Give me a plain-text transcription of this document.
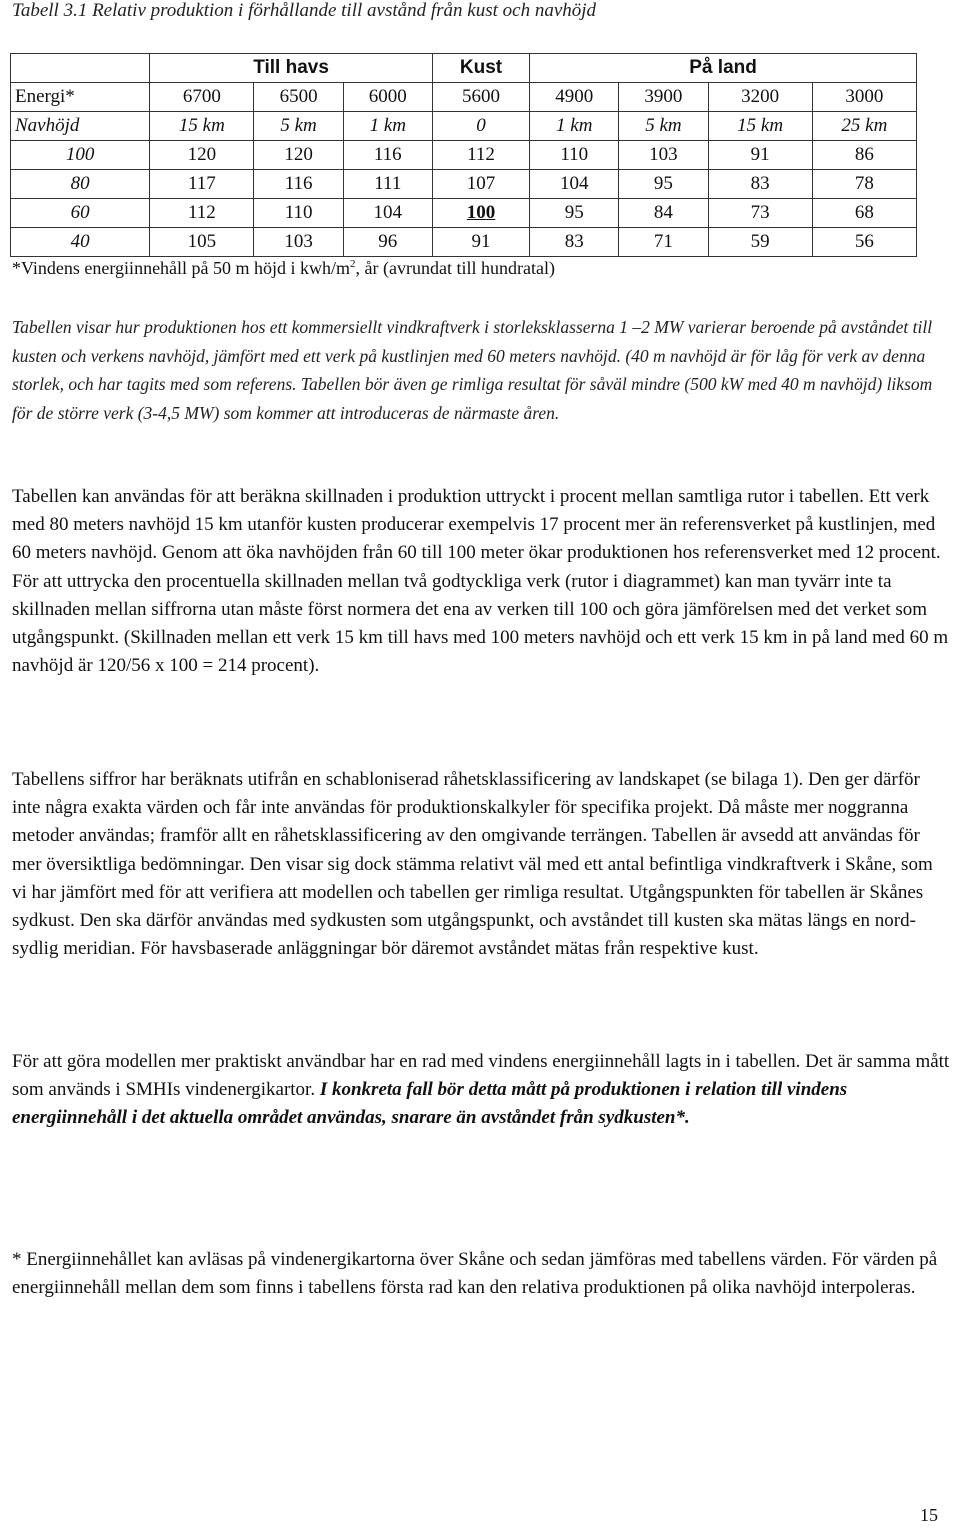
Tabell 3.1 Relativ produktion i förhållande till avstånd från kust och navhöjd
	Till havs			Kust	På land			
Energi*	6700	6500	6000	5600	4900	3900	3200	3000
Navhöjd	15 km	5 km	1 km	0	1 km	5 km	15 km	25 km
100	120	120	116	112	110	103	91	86
80	117	116	111	107	104	95	83	78
60	112	110	104	100	95	84	73	68
40	105	103	96	91	83	71	59	56
*Vindens energiinnehåll på 50 m höjd i kwh/$m^2$, år (avrundat till hundratal)
Tabellen visar hur produktionen hos ett kommersiellt vindkraftverk i storleksklasserna 1 –2 MW varierar beroende på avståndet till kusten och verkens navhöjd, jämfört med ett verk på kustlinjen med 60 meters navhöjd. (40 m navhöjd är för låg för verk av denna storlek, och har tagits med som referens. Tabellen bör även ge rimliga resultat för såväl mindre (500 kW med 40 m navhöjd) liksom för de större verk (3-4,5 MW) som kommer att introduceras de närmaste åren.
Tabellen kan användas för att beräkna skillnaden i produktion uttryckt i procent mellan samtliga rutor i tabellen. Ett verk med 80 meters navhöjd 15 km utanför kusten producerar exempelvis 17 procent mer än referensverket på kustlinjen, med 60 meters navhöjd. Genom att öka navhöjden från 60 till 100 meter ökar produktionen hos referensverket med 12 procent. För att uttrycka den procentuella skillnaden mellan två godtyckliga verk (rutor i diagrammet) kan man tyvärr inte ta skillnaden mellan siffrorna utan måste först normera det ena av verken till 100 och göra jämförelsen med det verket som utgångspunkt. (Skillnaden mellan ett verk 15 km till havs med 100 meters navhöjd och ett verk 15 km in på land med 60 m navhöjd är 120/56 x 100 = 214 procent).
Tabellens siffror har beräknats utifrån en schabloniserad råhetsklassificering av landskapet (se bilaga 1). Den ger därför inte några exakta värden och får inte användas för produktionskalkyler för specifika projekt. Då måste mer noggranna metoder användas; framför allt en råhetsklassificering av den omgivande terrängen. Tabellen är avsedd att användas för mer översiktliga bedömningar. Den visar sig dock stämma relativt väl med ett antal befintliga vindkraftverk i Skåne, som vi har jämfört med för att verifiera att modellen och tabellen ger rimliga resultat. Utgångspunkten för tabellen är Skånes sydkust. Den ska därför användas med sydkusten som utgångspunkt, och avståndet till kusten ska mätas längs en nord-sydlig meridian. För havsbaserade anläggningar bör däremot avståndet mätas från respektive kust.
För att göra modellen mer praktiskt användbar har en rad med vindens energiinnehåll lagts in i tabellen. Det är samma mått som används i SMHIs vindenergikartor. I konkreta fall bör detta mått på produktionen i relation till vindens energiinnehåll i det aktuella området användas, snarare än avståndet från sydkusten*.
* Energiinnehållet kan avläsas på vindenergikartorna över Skåne och sedan jämföras med tabellens värden. För värden på energiinnehåll mellan dem som finns i tabellens första rad kan den relativa produktionen på olika navhöjd interpoleras.
15
